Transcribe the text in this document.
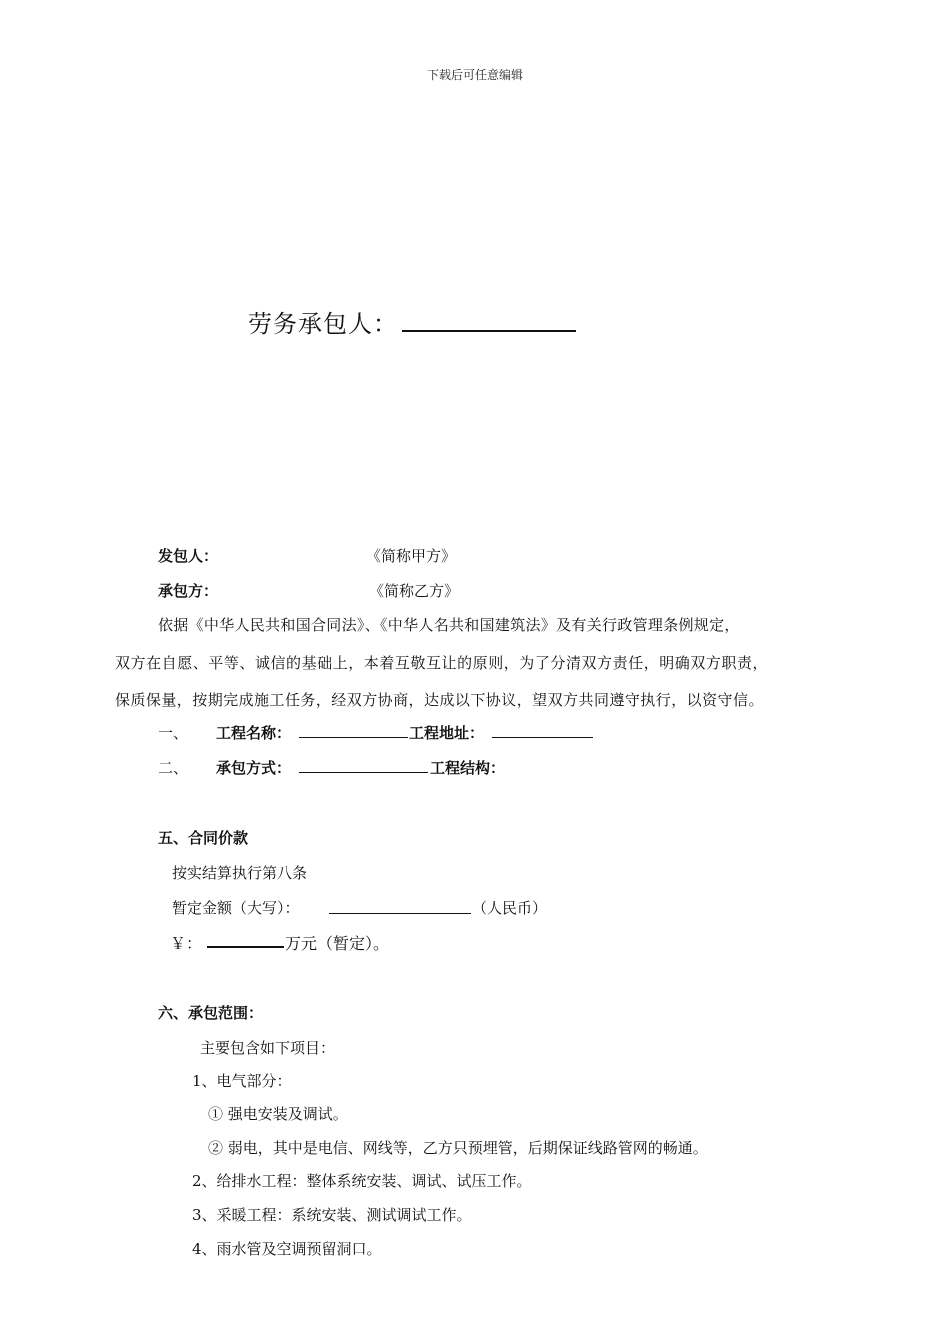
下载后可任意编辑
劳务承包人：
发包人：	《简称甲方》
承包方：	《简称乙方》
依据《中华人民共和国合同法》、《中华人名共和国建筑法》及有关行政管理条例规定，
双方在自愿、平等、诚信的基础上，本着互敬互让的原则，为了分清双方责任，明确双方职责，
保质保量，按期完成施工任务，经双方协商，达成以下协议，望双方共同遵守执行，以资守信。
一、 工程名称：	工程地址：
二、 承包方式：	工程结构：
五、合同价款
按实结算执行第八条
暂定金额（大写）：	（人民币）
￥：	万元（暂定）。
六、承包范围：
主要包含如下项目：
1、电气部分：
① 强电安装及调试。
② 弱电，其中是电信、网线等，乙方只预埋管，后期保证线路管网的畅通。
2、给排水工程：整体系统安装、调试、试压工作。
3、采暖工程：系统安装、测试调试工作。
4、雨水管及空调预留洞口。
